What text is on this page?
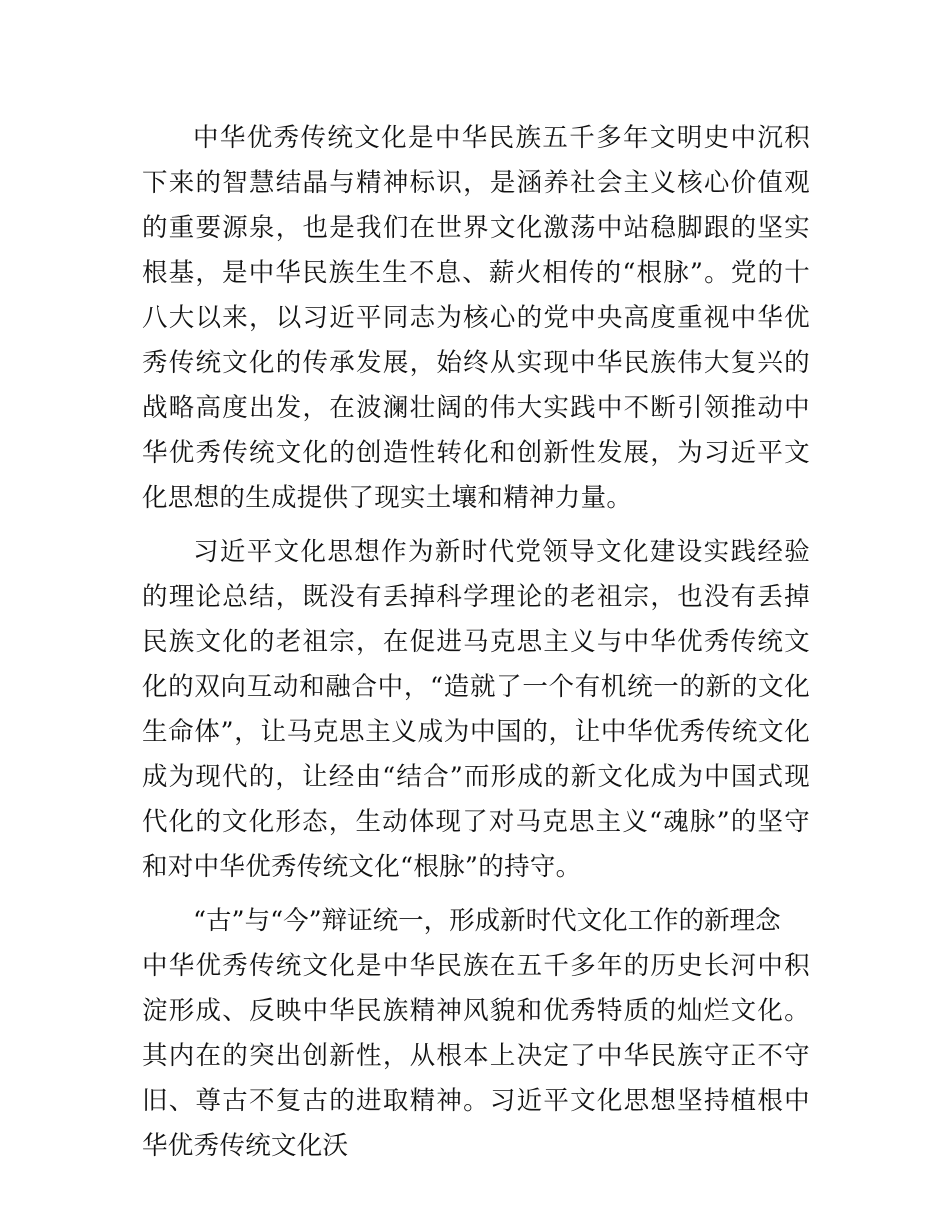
中华优秀传统文化是中华民族五千多年文明史中沉积下来的智慧结晶与精神标识，是涵养社会主义核心价值观的重要源泉，也是我们在世界文化激荡中站稳脚跟的坚实根基，是中华民族生生不息、薪火相传的“根脉”。党的十八大以来，以习近平同志为核心的党中央高度重视中华优秀传统文化的传承发展，始终从实现中华民族伟大复兴的战略高度出发，在波澜壮阔的伟大实践中不断引领推动中华优秀传统文化的创造性转化和创新性发展，为习近平文化思想的生成提供了现实土壤和精神力量。

习近平文化思想作为新时代党领导文化建设实践经验的理论总结，既没有丢掉科学理论的老祖宗，也没有丢掉民族文化的老祖宗，在促进马克思主义与中华优秀传统文化的双向互动和融合中，“造就了一个有机统一的新的文化生命体”，让马克思主义成为中国的，让中华优秀传统文化成为现代的，让经由“结合”而形成的新文化成为中国式现代化的文化形态，生动体现了对马克思主义“魂脉”的坚守和对中华优秀传统文化“根脉”的持守。

“古”与“今”辩证统一，形成新时代文化工作的新理念

中华优秀传统文化是中华民族在五千多年的历史长河中积淀形成、反映中华民族精神风貌和优秀特质的灿烂文化。其内在的突出创新性，从根本上决定了中华民族守正不守旧、尊古不复古的进取精神。习近平文化思想坚持植根中华优秀传统文化沃
